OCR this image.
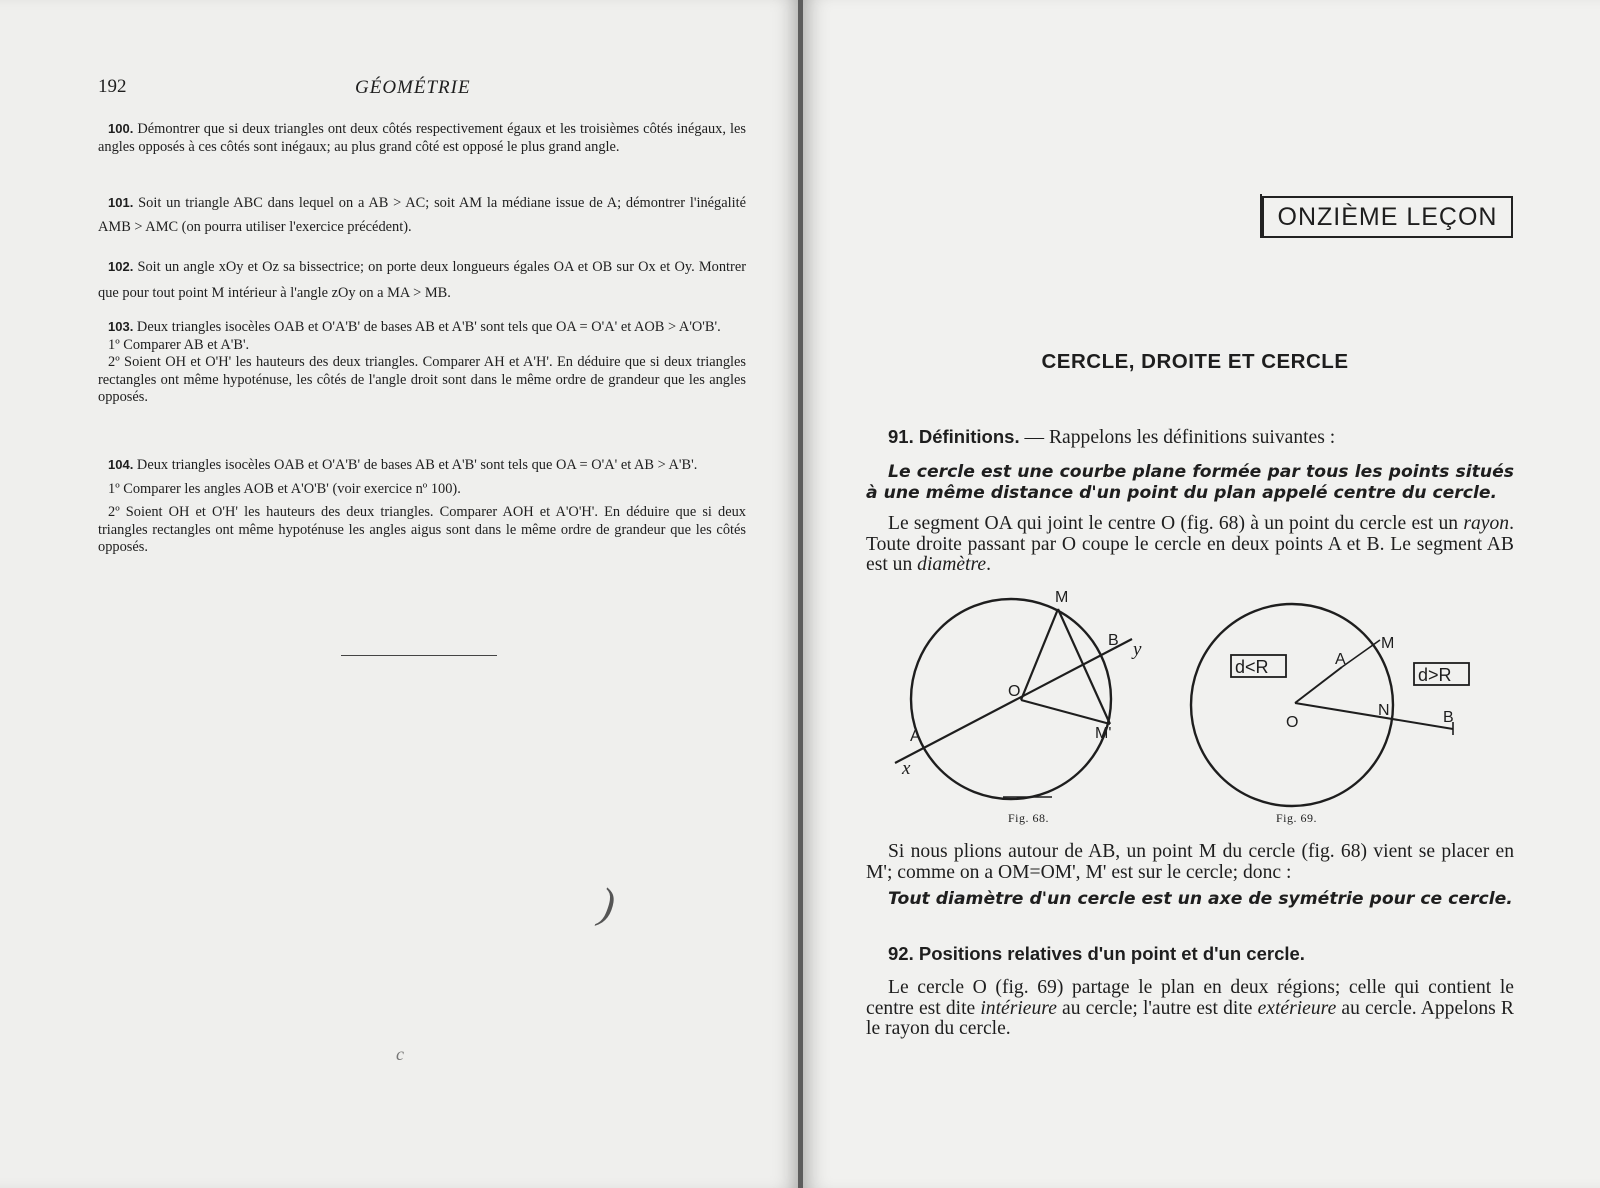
192	GÉOMÉTRIE

100. Démontrer que si deux triangles ont deux côtés respectivement égaux et les troisièmes côtés inégaux, les angles opposés à ces côtés sont inégaux; au plus grand côté est opposé le plus grand angle.

101. Soit un triangle ABC dans lequel on a AB > AC; soit AM la médiane issue de A; démontrer l'inégalité AMB > AMC (on pourra utiliser l'exercice précédent).

102. Soit un angle xOy et Oz sa bissectrice; on porte deux longueurs égales OA et OB sur Ox et Oy. Montrer que pour tout point M intérieur à l'angle zOy on a MA > MB.

103. Deux triangles isocèles OAB et O'A'B' de bases AB et A'B' sont tels que OA = O'A' et AOB > A'O'B'.

1º Comparer AB et A'B'.

2º Soient OH et O'H' les hauteurs des deux triangles. Comparer AH et A'H'. En déduire que si deux triangles rectangles ont même hypoténuse, les côtés de l'angle droit sont dans le même ordre de grandeur que les angles opposés.

104. Deux triangles isocèles OAB et O'A'B' de bases AB et A'B' sont tels que OA = O'A' et AB > A'B'.

1º Comparer les angles AOB et A'O'B' (voir exercice nº 100).

2º Soient OH et O'H' les hauteurs des deux triangles. Comparer AOH et A'O'H'. En déduire que si deux triangles rectangles ont même hypoténuse les angles aigus sont dans le même ordre de grandeur que les côtés opposés.

)
c
ONZIÈME LEÇON
CERCLE, DROITE ET CERCLE
91. Définitions. — Rappelons les définitions suivantes :

Le cercle est une courbe plane formée par tous les points situés à une même distance d'un point du plan appelé centre du cercle.

Le segment OA qui joint le centre O (fig. 68) à un point du cercle est un rayon. Toute droite passant par O coupe le cercle en deux points A et B. Le segment AB est un diamètre.

M
B y
O
A	M'
x
Fig. 68.
d<R	d>R
A
M
O
N	B
Fig. 69.

Si nous plions autour de AB, un point M du cercle (fig. 68) vient se placer en M'; comme on a OM=OM', M' est sur le cercle; donc :

Tout diamètre d'un cercle est un axe de symétrie pour ce cercle.

92. Positions relatives d'un point et d'un cercle.

Le cercle O (fig. 69) partage le plan en deux régions; celle qui contient le centre est dite intérieure au cercle; l'autre est dite extérieure au cercle. Appelons R le rayon du cercle.
